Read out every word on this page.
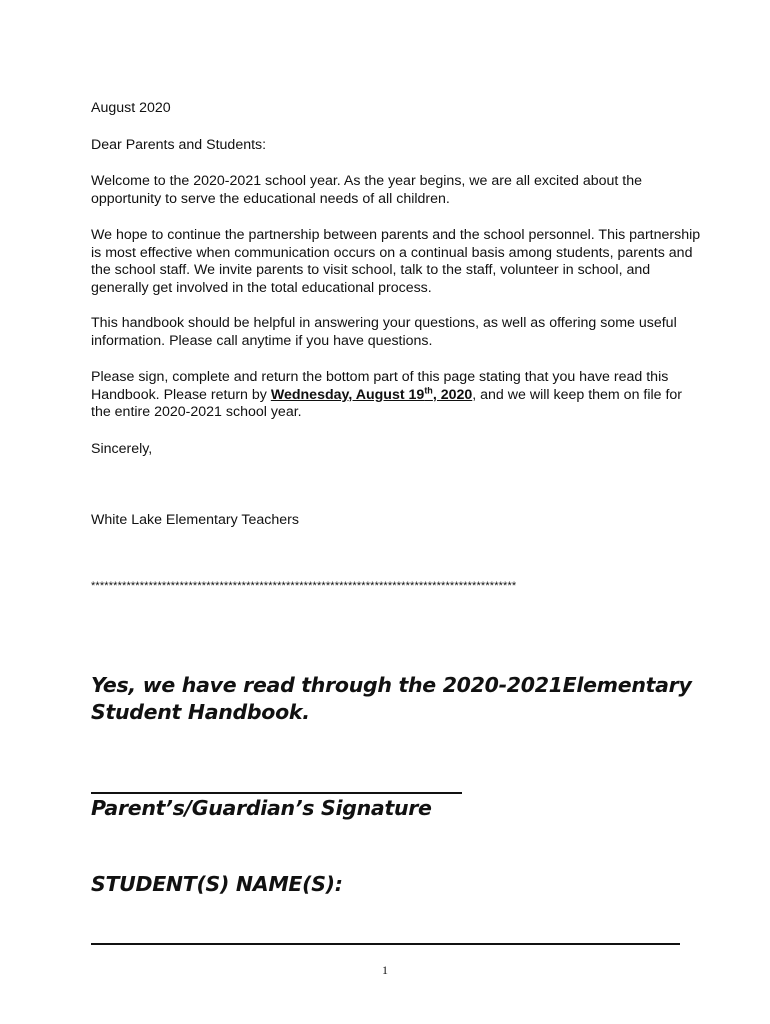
August 2020

Dear Parents and Students:

Welcome to the 2020-2021 school year. As the year begins, we are all excited about the opportunity to serve the educational needs of all children.

We hope to continue the partnership between parents and the school personnel. This partnership is most effective when communication occurs on a continual basis among students, parents and the school staff. We invite parents to visit school, talk to the staff, volunteer in school, and generally get involved in the total educational process.

This handbook should be helpful in answering your questions, as well as offering some useful information. Please call anytime if you have questions.

Please sign, complete and return the bottom part of this page stating that you have read this Handbook. Please return by Wednesday, August 19th, 2020, and we will keep them on file for the entire 2020-2021 school year.

Sincerely,

White Lake Elementary Teachers

************************************************************************************************

Yes, we have read through the 2020-2021Elementary Student Handbook.

Parent’s/Guardian’s Signature

STUDENT(S) NAME(S):

1
